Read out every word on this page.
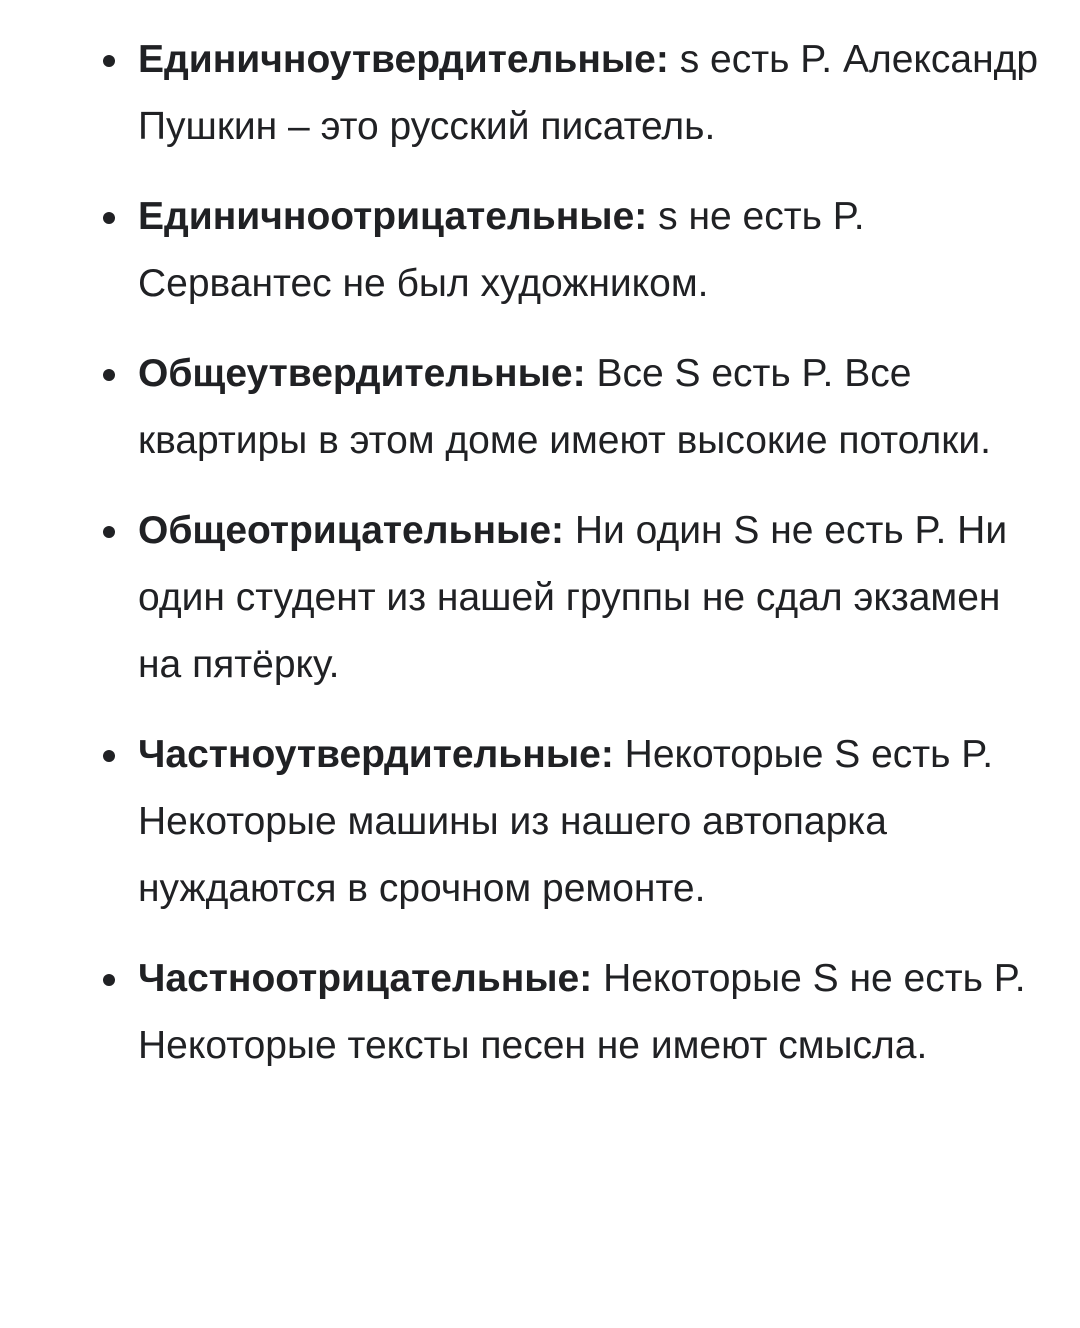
Единичноутвердительные: s есть P. Александр Пушкин – это русский писатель.
Единичноотрицательные: s не есть P. Сервантес не был художником.
Общеутвердительные: Все S есть P. Все квартиры в этом доме имеют высокие потолки.
Общеотрицательные: Ни один S не есть P. Ни один студент из нашей группы не сдал экзамен на пятёрку.
Частноутвердительные: Некоторые S есть P. Некоторые машины из нашего автопарка нуждаются в срочном ремонте.
Частноотрицательные: Некоторые S не есть P. Некоторые тексты песен не имеют смысла.
